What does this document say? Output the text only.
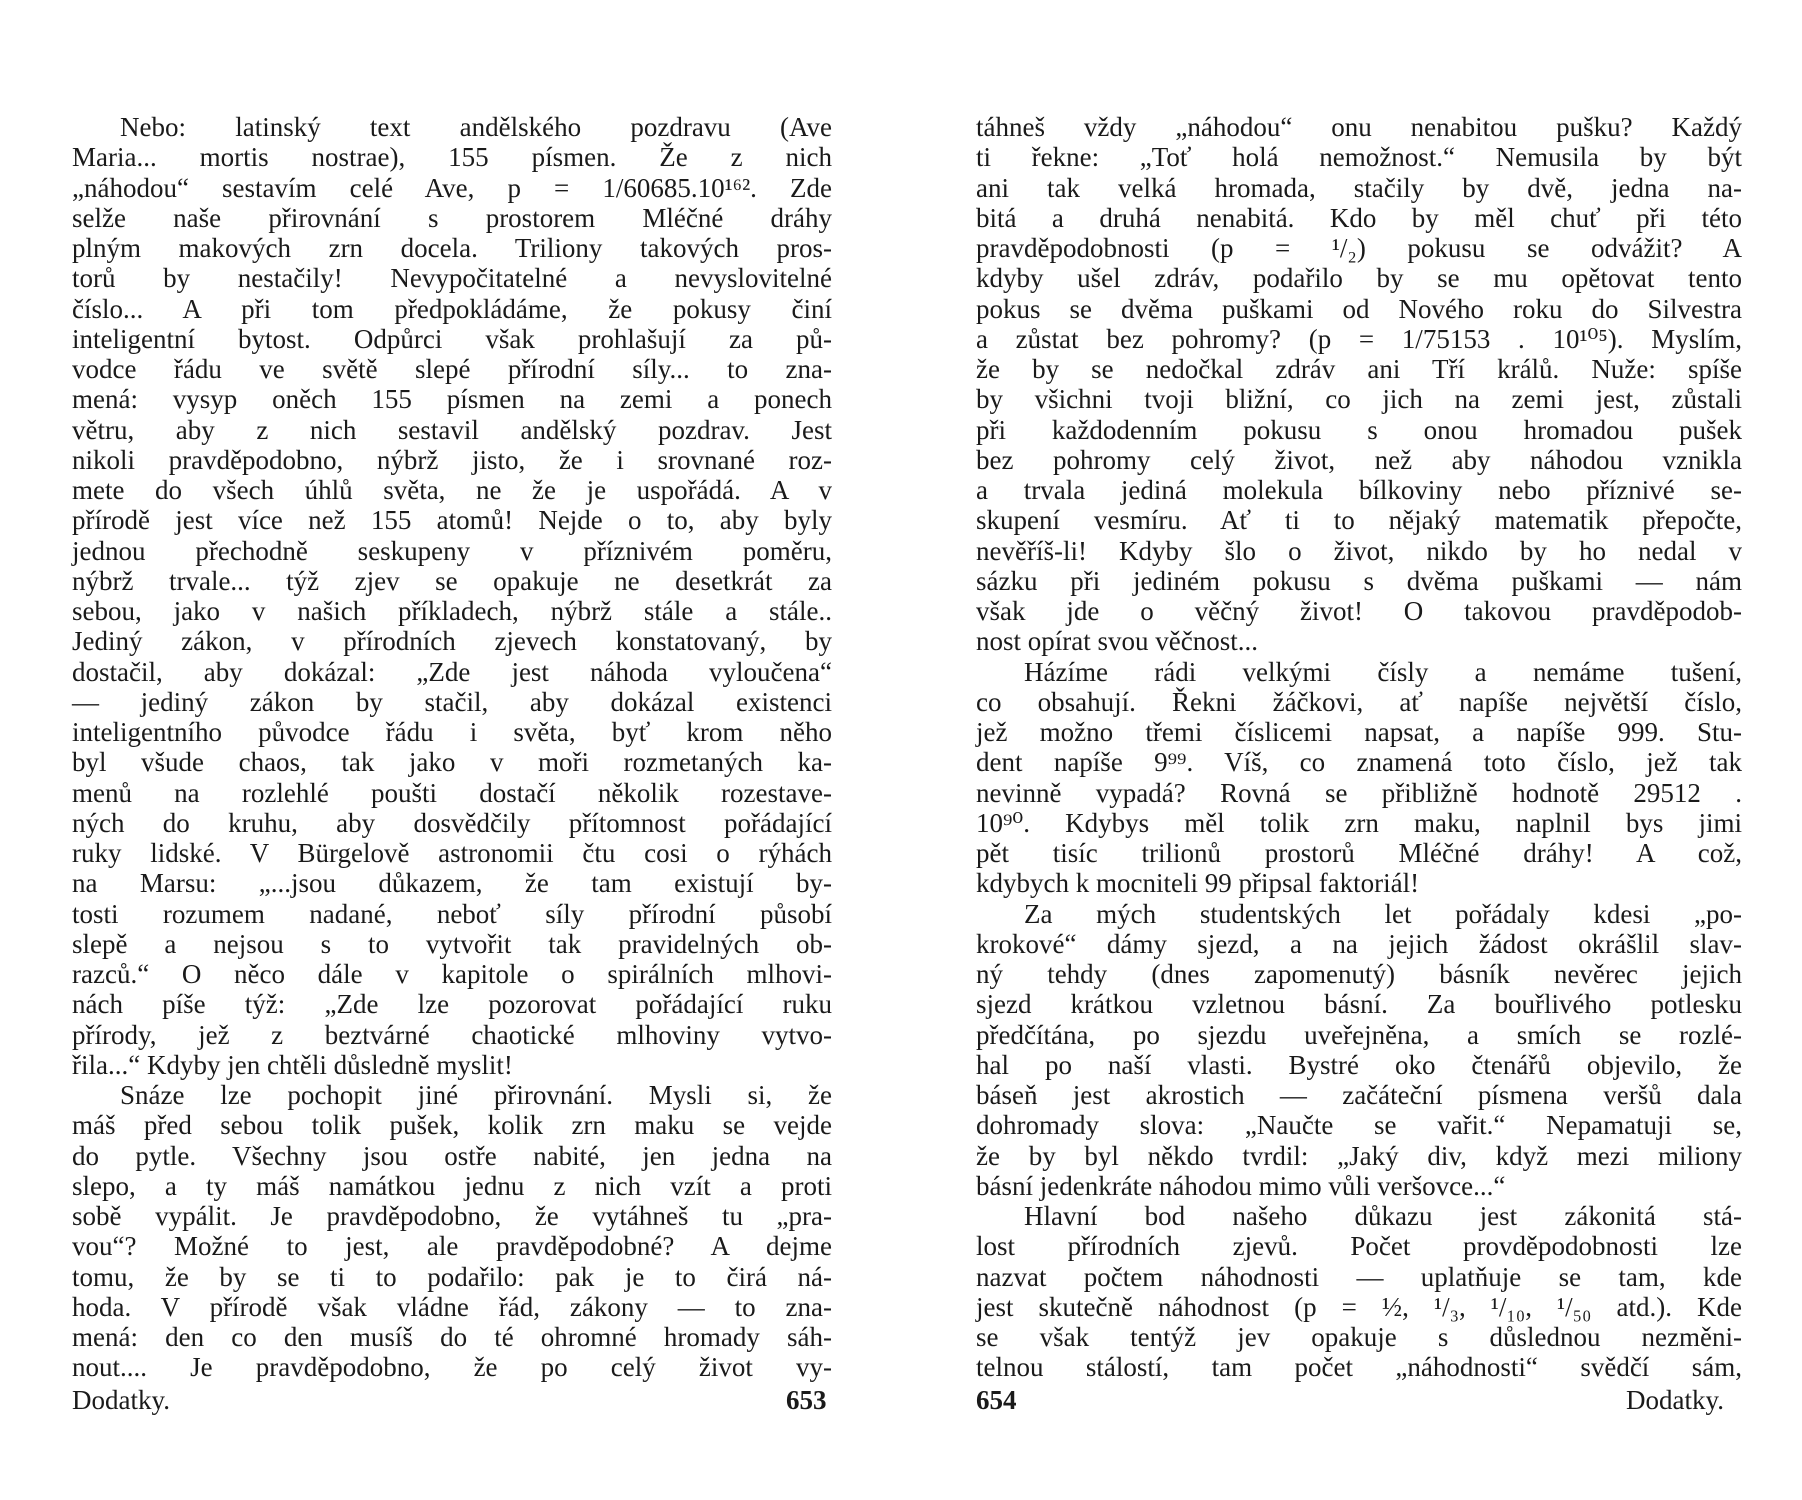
Nebo: latinský text andělského pozdravu (Ave
Maria... mortis nostrae), 155 písmen. Že z nich
„náhodou“ sestavím celé Ave, p = 1/60685.10¹⁶². Zde
selže naše přirovnání s prostorem Mléčné dráhy
plným makových zrn docela. Triliony takových pros-
torů by nestačily! Nevypočitatelné a nevyslovitelné
číslo... A při tom předpokládáme, že pokusy činí
inteligentní bytost. Odpůrci však prohlašují za pů-
vodce řádu ve světě slepé přírodní síly... to zna-
mená: vysyp oněch 155 písmen na zemi a ponech
větru, aby z nich sestavil andělský pozdrav. Jest
nikoli pravděpodobno, nýbrž jisto, že i srovnané roz-
mete do všech úhlů světa, ne že je uspořádá. A v
přírodě jest více než 155 atomů! Nejde o to, aby byly
jednou přechodně seskupeny v příznivém poměru,
nýbrž trvale... týž zjev se opakuje ne desetkrát za
sebou, jako v našich příkladech, nýbrž stále a stále..
Jediný zákon, v přírodních zjevech konstatovaný, by
dostačil, aby dokázal: „Zde jest náhoda vyloučena“
— jediný zákon by stačil, aby dokázal existenci
inteligentního původce řádu i světa, byť krom něho
byl všude chaos, tak jako v moři rozmetaných ka-
menů na rozlehlé poušti dostačí několik rozestave-
ných do kruhu, aby dosvědčily přítomnost pořádající
ruky lidské. V Bürgelově astronomii čtu cosi o rýhách
na Marsu: „...jsou důkazem, že tam existují by-
tosti rozumem nadané, neboť síly přírodní působí
slepě a nejsou s to vytvořit tak pravidelných ob-
razců.“ O něco dále v kapitole o spirálních mlhovi-
nách píše týž: „Zde lze pozorovat pořádající ruku
přírody, jež z beztvárné chaotické mlhoviny vytvo-
řila...“ Kdyby jen chtěli důsledně myslit!
Snáze lze pochopit jiné přirovnání. Mysli si, že
máš před sebou tolik pušek, kolik zrn maku se vejde
do pytle. Všechny jsou ostře nabité, jen jedna na
slepo, a ty máš namátkou jednu z nich vzít a proti
sobě vypálit. Je pravděpodobno, že vytáhneš tu „pra-
vou“? Možné to jest, ale pravděpodobné? A dejme
tomu, že by se ti to podařilo: pak je to čirá ná-
hoda. V přírodě však vládne řád, zákony — to zna-
mená: den co den musíš do té ohromné hromady sáh-
nout.... Je pravděpodobno, že po celý život vy-
Dodatky.	653
táhneš vždy „náhodou“ onu nenabitou pušku? Každý
ti řekne: „Toť holá nemožnost.“ Nemusila by být
ani tak velká hromada, stačily by dvě, jedna na-
bitá a druhá nenabitá. Kdo by měl chuť při této
pravděpodobnosti (p = ¹/₂) pokusu se odvážit? A
kdyby ušel zdráv, podařilo by se mu opětovat tento
pokus se dvěma puškami od Nového roku do Silvestra
a zůstat bez pohromy? (p = 1/75153 . 10¹⁰⁵). Myslím,
že by se nedočkal zdráv ani Tří králů. Nuže: spíše
by všichni tvoji bližní, co jich na zemi jest, zůstali
při každodenním pokusu s onou hromadou pušek
bez pohromy celý život, než aby náhodou vznikla
a trvala jediná molekula bílkoviny nebo příznivé se-
skupení vesmíru. Ať ti to nějaký matematik přepočte,
nevěříš-li! Kdyby šlo o život, nikdo by ho nedal v
sázku při jediném pokusu s dvěma puškami — nám
však jde o věčný život! O takovou pravděpodob-
nost opírat svou věčnost...
Házíme rádi velkými čísly a nemáme tušení,
co obsahují. Řekni žáčkovi, ať napíše největší číslo,
jež možno třemi číslicemi napsat, a napíše 999. Stu-
dent napíše 9⁹⁹. Víš, co znamená toto číslo, jež tak
nevinně vypadá? Rovná se přibližně hodnotě 29512 .
10⁹⁰. Kdybys měl tolik zrn maku, naplnil bys jimi
pět tisíc trilionů prostorů Mléčné dráhy! A což,
kdybych k mocniteli 99 připsal faktoriál!
Za mých studentských let pořádaly kdesi „po-
krokové“ dámy sjezd, a na jejich žádost okrášlil slav-
ný tehdy (dnes zapomenutý) básník nevěrec jejich
sjezd krátkou vzletnou básní. Za bouřlivého potlesku
předčítána, po sjezdu uveřejněna, a smích se rozlé-
hal po naší vlasti. Bystré oko čtenářů objevilo, že
báseň jest akrostich — začáteční písmena veršů dala
dohromady slova: „Naučte se vařit.“ Nepamatuji se,
že by byl někdo tvrdil: „Jaký div, když mezi miliony
básní jedenkráte náhodou mimo vůli veršovce...“
Hlavní bod našeho důkazu jest zákonitá stá-
lost přírodních zjevů. Počet provděpodobnosti lze
nazvat počtem náhodnosti — uplatňuje se tam, kde
jest skutečně náhodnost (p = ½, ¹/₃, ¹/₁₀, ¹/₅₀ atd.). Kde
se však tentýž jev opakuje s důslednou nezměni-
telnou stálostí, tam počet „náhodnosti“ svědčí sám,
654	Dodatky.
